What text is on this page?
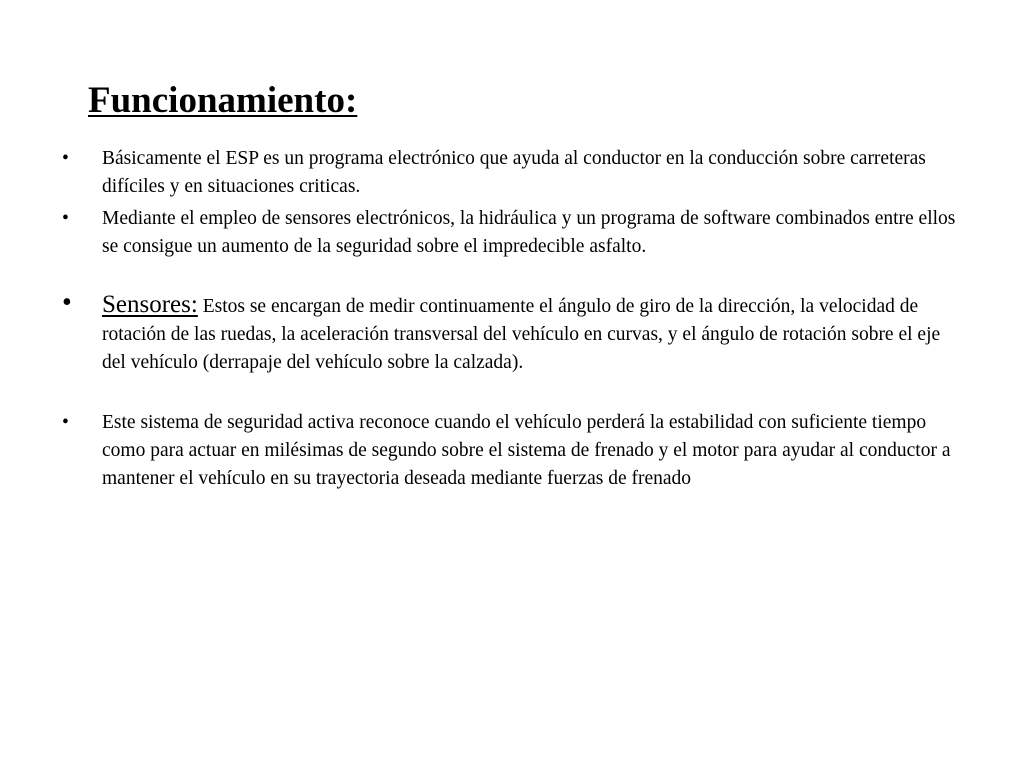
Funcionamiento:
•	Básicamente el ESP es un programa electrónico que ayuda al conductor en la conducción sobre carreteras difíciles y en situaciones criticas.
•	Mediante el empleo de sensores electrónicos, la hidráulica y un programa de software combinados entre ellos se consigue un aumento de la seguridad sobre el impredecible asfalto.
•	Sensores: Estos se encargan de medir continuamente el ángulo de giro de la dirección, la velocidad de rotación de las ruedas, la aceleración transversal del vehículo en curvas, y el ángulo de rotación sobre el eje del vehículo (derrapaje del vehículo sobre la calzada).
•	Este sistema de seguridad activa reconoce cuando el vehículo perderá la estabilidad con suficiente tiempo como para actuar en milésimas de segundo sobre el sistema de frenado y el motor para ayudar al conductor a mantener el vehículo en su trayectoria deseada mediante fuerzas de frenado
